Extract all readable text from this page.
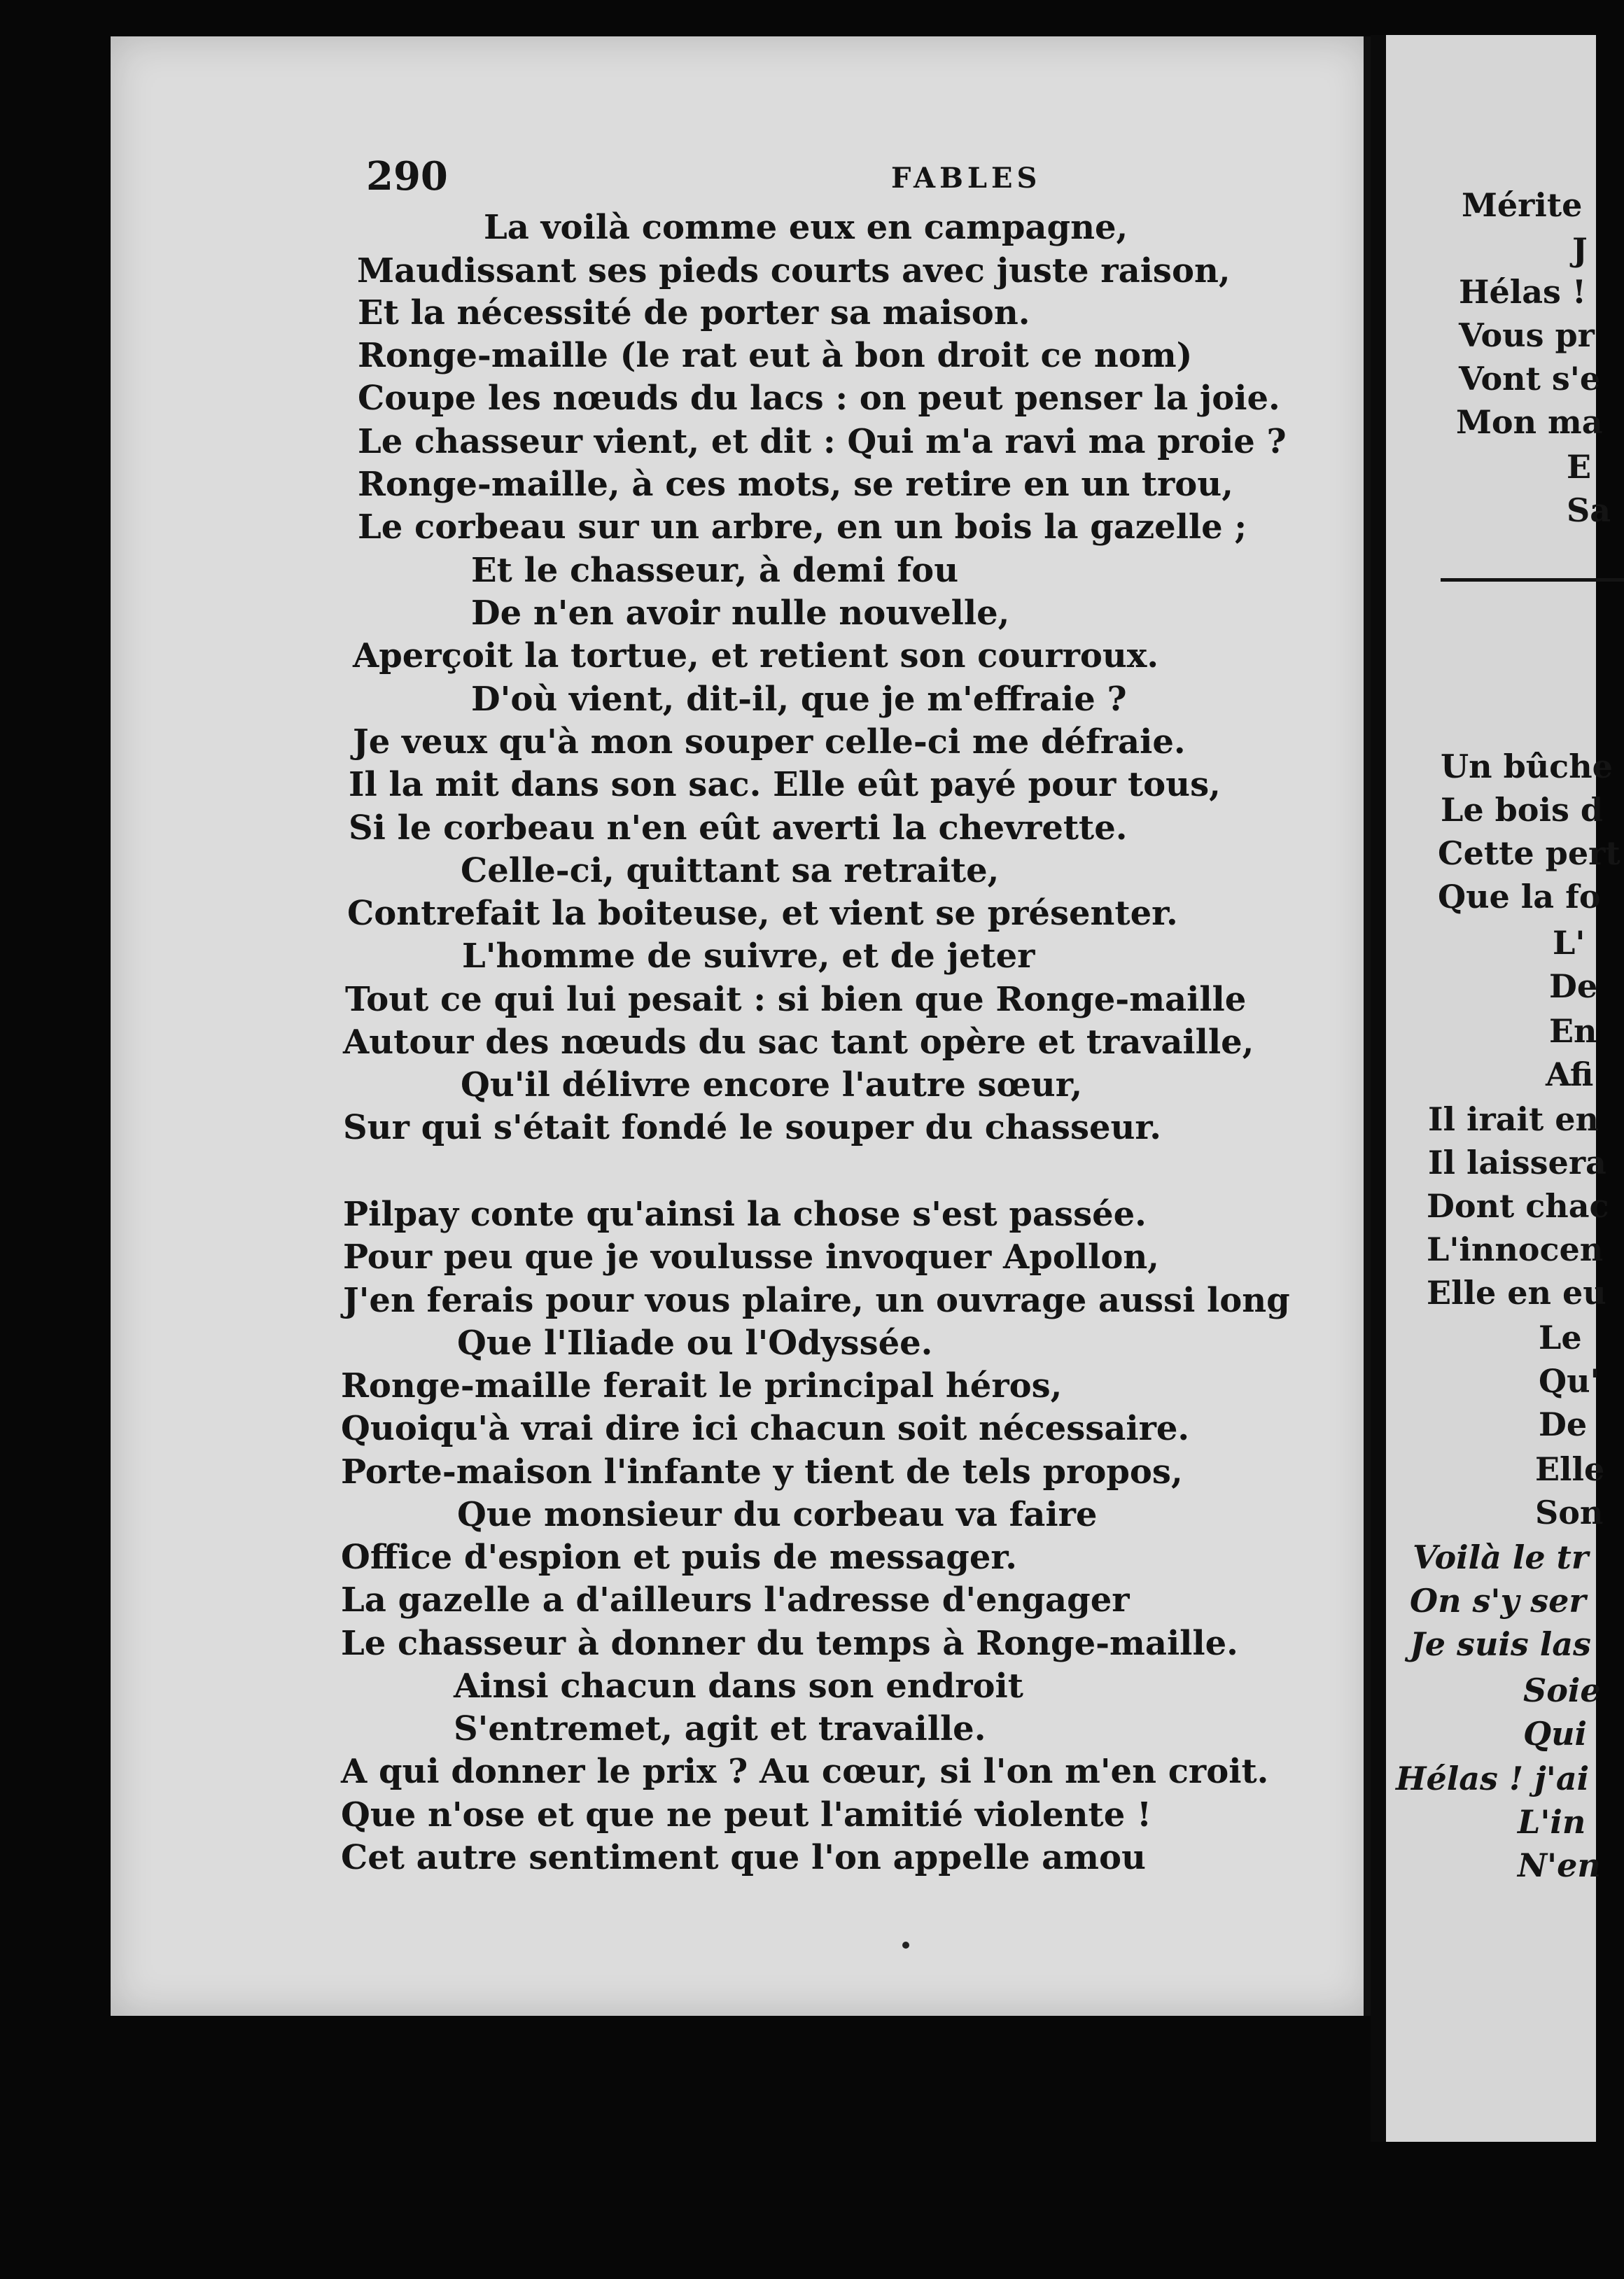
290	FABLES
La voilà comme eux en campagne,
Maudissant ses pieds courts avec juste raison,
Et la nécessité de porter sa maison.
Ronge-maille (le rat eut à bon droit ce nom)
Coupe les nœuds du lacs : on peut penser la joie.
Le chasseur vient, et dit : Qui m'a ravi ma proie ?
Ronge-maille, à ces mots, se retire en un trou,
Le corbeau sur un arbre, en un bois la gazelle ;
Et le chasseur, à demi fou
De n'en avoir nulle nouvelle,
Aperçoit la tortue, et retient son courroux.
D'où vient, dit-il, que je m'effraie ?
Je veux qu'à mon souper celle-ci me défraie.
Il la mit dans son sac. Elle eût payé pour tous,
Si le corbeau n'en eût averti la chevrette.
Celle-ci, quittant sa retraite,
Contrefait la boiteuse, et vient se présenter.
L'homme de suivre, et de jeter
Tout ce qui lui pesait : si bien que Ronge-maille
Autour des nœuds du sac tant opère et travaille,
Qu'il délivre encore l'autre sœur,
Sur qui s'était fondé le souper du chasseur.
Pilpay conte qu'ainsi la chose s'est passée.
Pour peu que je voulusse invoquer Apollon,
J'en ferais pour vous plaire, un ouvrage aussi long
Que l'Iliade ou l'Odyssée.
Ronge-maille ferait le principal héros,
Quoiqu'à vrai dire ici chacun soit nécessaire.
Porte-maison l'infante y tient de tels propos,
Que monsieur du corbeau va faire
Office d'espion et puis de messager.
La gazelle a d'ailleurs l'adresse d'engager
Le chasseur à donner du temps à Ronge-maille.
Ainsi chacun dans son endroit
S'entremet, agit et travaille.
A qui donner le prix ? Au cœur, si l'on m'en croit.
Que n'ose et que ne peut l'amitié violente !
Cet autre sentiment que l'on appelle amou
Mérite
J
Hélas !
Vous pr
Vont s'e
Mon ma
E
Sa
Un bûche
Le bois d
Cette pert
Que la fo
L'
De
En
Afi
Il irait en
Il laissera
Dont chac
L'innocen
Elle en eu
Le
Qu'
De
Elle
Son
Voilà le tr
On s'y ser
Je suis las
Soie
Qui
Hélas ! j'ai
L'in
N'en
